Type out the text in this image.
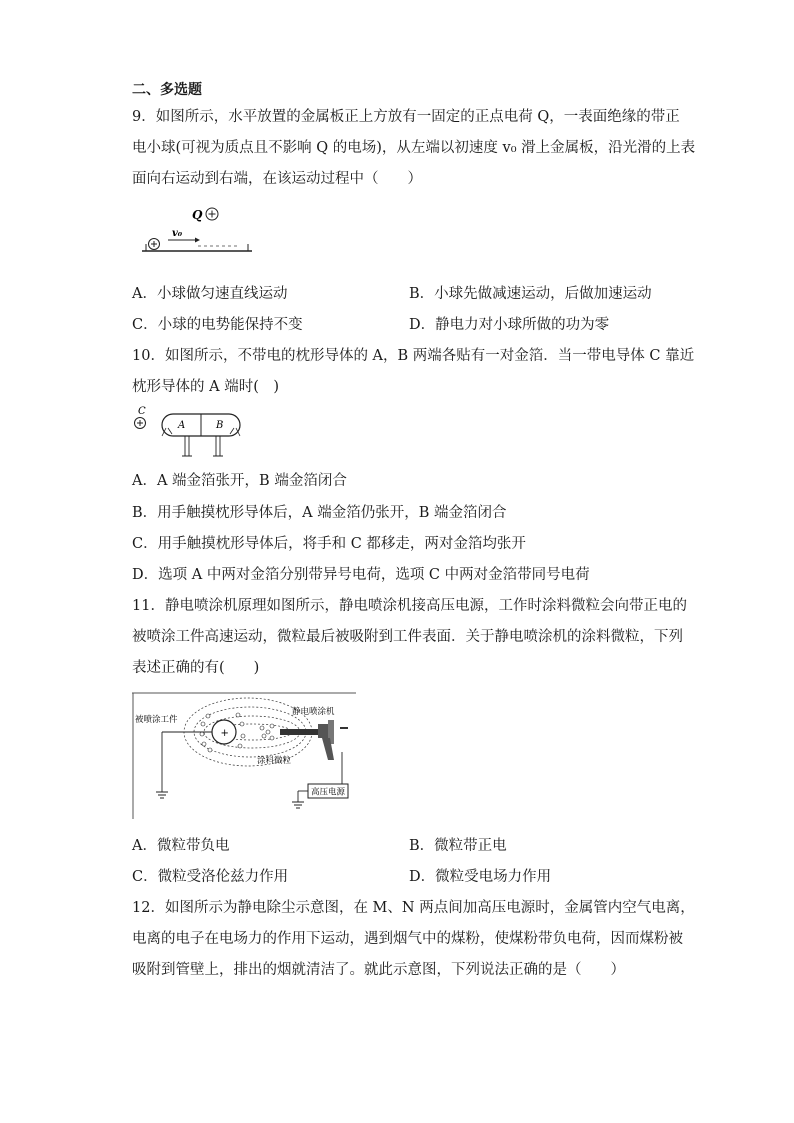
二、多选题
9．如图所示，水平放置的金属板正上方放有一固定的正点电荷 Q，一表面绝缘的带正
电小球(可视为质点且不影响 Q 的电场)，从左端以初速度 v₀ 滑上金属板，沿光滑的上表
面向右运动到右端，在该运动过程中（　　）
Q
v₀
A．小球做匀速直线运动	B．小球先做减速运动，后做加速运动
C．小球的电势能保持不变	D．静电力对小球所做的功为零
10．如图所示，不带电的枕形导体的 A，B 两端各贴有一对金箔．当一带电导体 C 靠近
枕形导体的 A 端时(　)
C
A	B
A．A 端金箔张开，B 端金箔闭合
B．用手触摸枕形导体后，A 端金箔仍张开，B 端金箔闭合
C．用手触摸枕形导体后，将手和 C 都移走，两对金箔均张开
D．选项 A 中两对金箔分别带异号电荷，选项 C 中两对金箔带同号电荷
11．静电喷涂机原理如图所示，静电喷涂机接高压电源，工作时涂料微粒会向带正电的
被喷涂工件高速运动，微粒最后被吸附到工件表面．关于静电喷涂机的涂料微粒，下列
表述正确的有(　　)
被喷涂工件
+
静电喷涂机
涂料微粒
高压电源
A．微粒带负电	B．微粒带正电
C．微粒受洛伦兹力作用	D．微粒受电场力作用
12．如图所示为静电除尘示意图，在 M、N 两点间加高压电源时，金属管内空气电离，
电离的电子在电场力的作用下运动，遇到烟气中的煤粉，使煤粉带负电荷，因而煤粉被
吸附到管壁上，排出的烟就清洁了。就此示意图，下列说法正确的是（　　）
